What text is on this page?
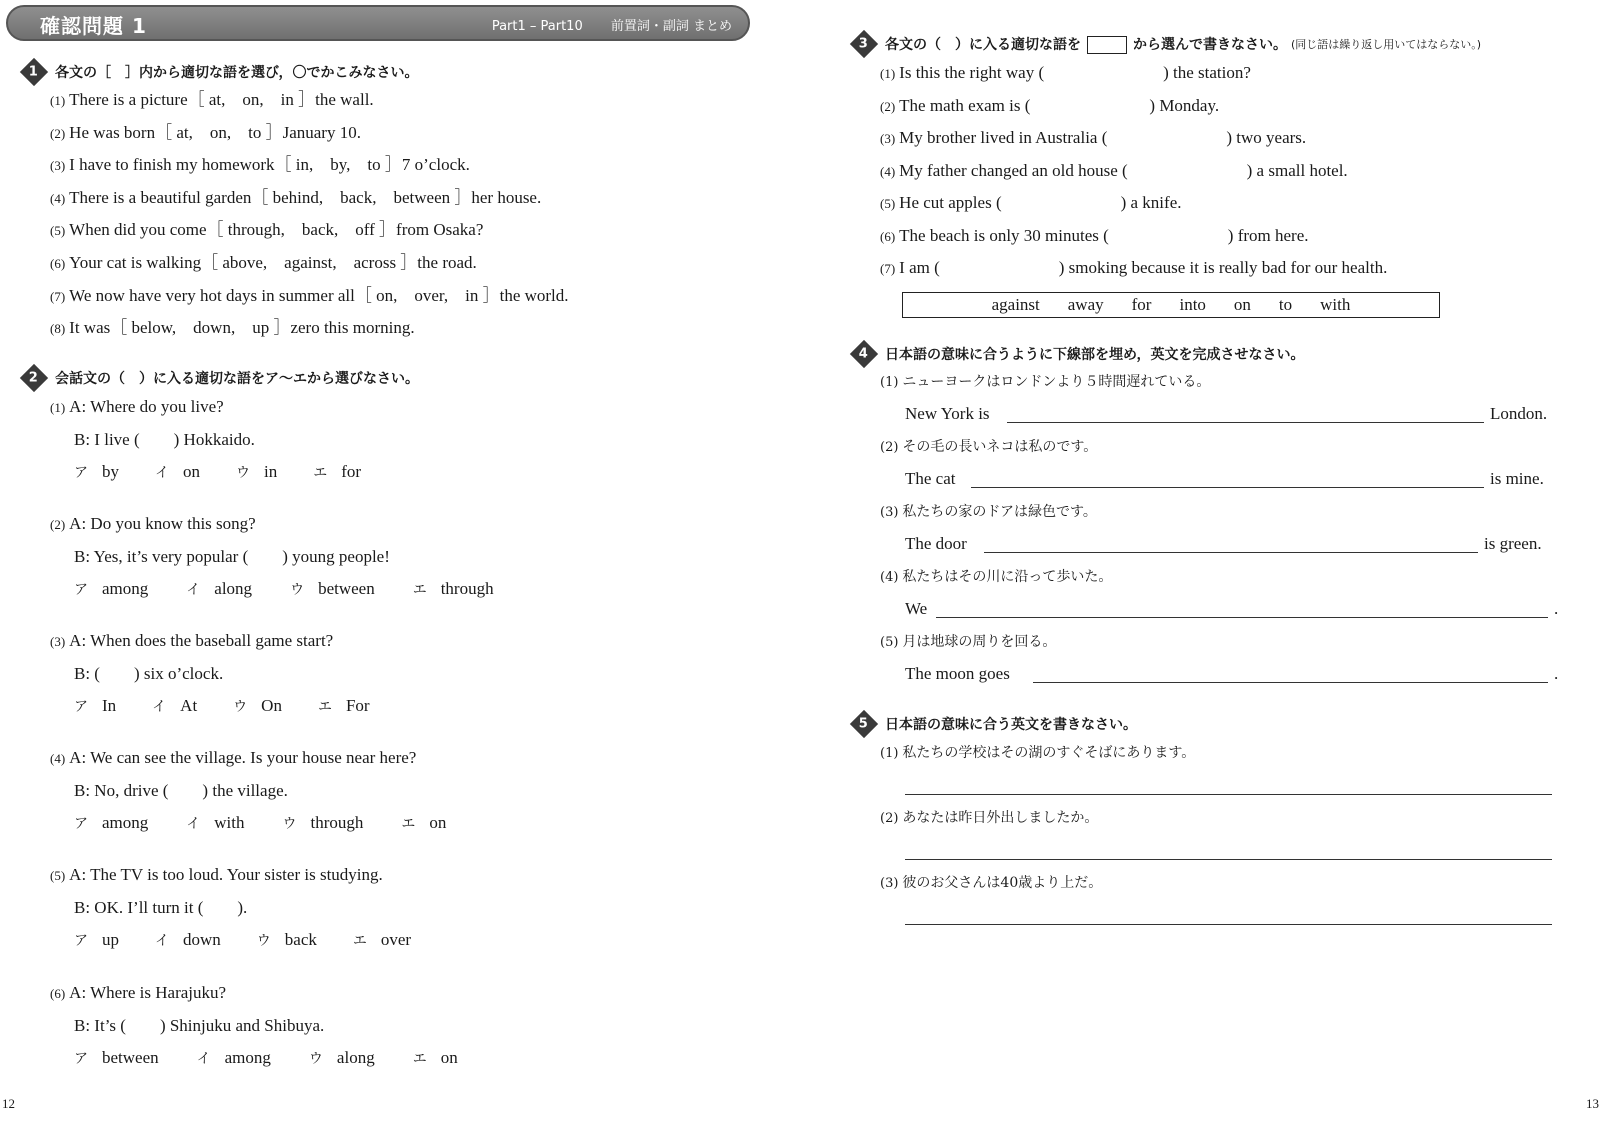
確認問題 1	Part1 – Part10 前置詞・副詞 まとめ
1 各文の［　］内から適切な語を選び，〇でかこみなさい。
(1) There is a picture［ at,　on,　in ］the wall.
(2) He was born［ at,　on,　to ］January 10.
(3) I have to finish my homework［ in,　by,　to ］7 o’clock.
(4) There is a beautiful garden［ behind,　back,　between ］her house.
(5) When did you come［ through,　back,　off ］from Osaka?
(6) Your cat is walking［ above,　against,　across ］the road.
(7) We now have very hot days in summer all［ on,　over,　in ］the world.
(8) It was［ below,　down,　up ］zero this morning.
2 会話文の（　）に入る適切な語をア～エから選びなさい。
(1) A: Where do you live?
B: I live (　　) Hokkaido.
ア by	イ on	ウ in	エ for
(2) A: Do you know this song?
B: Yes, it’s very popular (　　) young people!
ア among	イ along	ウ between	エ through
(3) A: When does the baseball game start?
B: (　　) six o’clock.
ア In	イ At	ウ On	エ For
(4) A: We can see the village. Is your house near here?
B: No, drive (　　) the village.
ア among	イ with	ウ through	エ on
(5) A: The TV is too loud. Your sister is studying.
B: OK. I’ll turn it (　　).
ア up	イ down	ウ back	エ over
(6) A: Where is Harajuku?
B: It’s (　　) Shinjuku and Shibuya.
ア between	イ among	ウ along	エ on
12
3 各文の（　）に入る適切な語を	から選んで書きなさい。 (同じ語は繰り返し用いてはならない。)
(1) Is this the right way (　　　　　　　) the station?
(2) The math exam is (　　　　　　　) Monday.
(3) My brother lived in Australia (　　　　　　　) two years.
(4) My father changed an old house (　　　　　　　) a small hotel.
(5) He cut apples (　　　　　　　) a knife.
(6) The beach is only 30 minutes (　　　　　　　) from here.
(7) I am (　　　　　　　) smoking because it is really bad for our health.
against away for into on to with
4 日本語の意味に合うように下線部を埋め，英文を完成させなさい。
(1) ニューヨークはロンドンより５時間遅れている。
New York is	London.
(2) その毛の長いネコは私のです。
The cat	is mine.
(3) 私たちの家のドアは緑色です。
The door	is green.
(4) 私たちはその川に沿って歩いた。
We	.
(5) 月は地球の周りを回る。
The moon goes	.
5 日本語の意味に合う英文を書きなさい。
(1) 私たちの学校はその湖のすぐそばにあります。
(2) あなたは昨日外出しましたか。
(3) 彼のお父さんは40歳より上だ。
13
